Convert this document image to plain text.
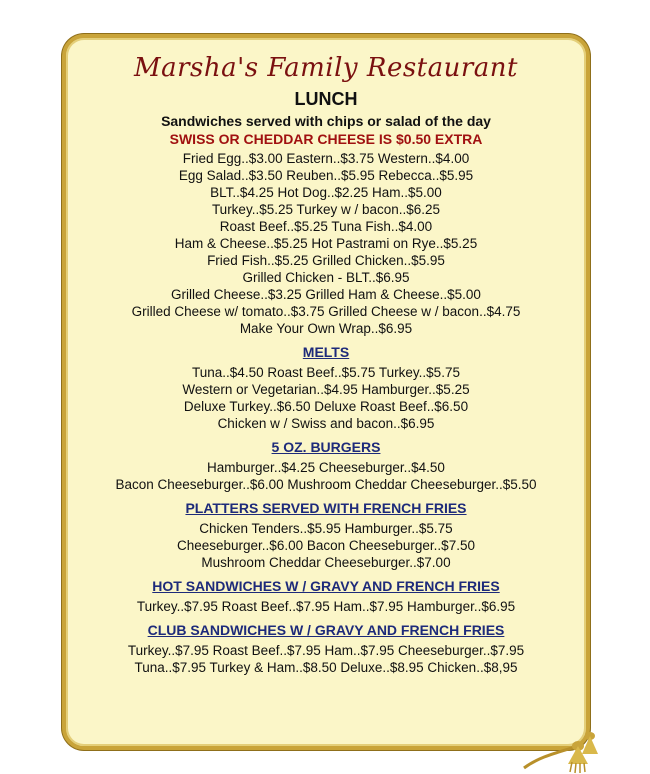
Marsha's Family Restaurant
LUNCH
Sandwiches served with chips or salad of the day
SWISS OR CHEDDAR CHEESE IS $0.50 EXTRA
Fried Egg..$3.00 Eastern..$3.75 Western..$4.00
Egg Salad..$3.50 Reuben..$5.95 Rebecca..$5.95
BLT..$4.25 Hot Dog..$2.25 Ham..$5.00
Turkey..$5.25 Turkey w / bacon..$6.25
Roast Beef..$5.25 Tuna Fish..$4.00
Ham & Cheese..$5.25 Hot Pastrami on Rye..$5.25
Fried Fish..$5.25 Grilled Chicken..$5.95
Grilled Chicken - BLT..$6.95
Grilled Cheese..$3.25 Grilled Ham & Cheese..$5.00
Grilled Cheese w/ tomato..$3.75 Grilled Cheese w / bacon..$4.75
Make Your Own Wrap..$6.95
MELTS
Tuna..$4.50 Roast Beef..$5.75 Turkey..$5.75
Western or Vegetarian..$4.95 Hamburger..$5.25
Deluxe Turkey..$6.50 Deluxe Roast Beef..$6.50
Chicken w / Swiss and bacon..$6.95
5 OZ. BURGERS
Hamburger..$4.25 Cheeseburger..$4.50
Bacon Cheeseburger..$6.00 Mushroom Cheddar Cheeseburger..$5.50
PLATTERS SERVED WITH FRENCH FRIES
Chicken Tenders..$5.95 Hamburger..$5.75
Cheeseburger..$6.00 Bacon Cheeseburger..$7.50
Mushroom Cheddar Cheeseburger..$7.00
HOT SANDWICHES W / GRAVY AND FRENCH FRIES
Turkey..$7.95 Roast Beef..$7.95 Ham..$7.95 Hamburger..$6.95
CLUB SANDWICHES W / GRAVY AND FRENCH FRIES
Turkey..$7.95 Roast Beef..$7.95 Ham..$7.95 Cheeseburger..$7.95
Tuna..$7.95 Turkey & Ham..$8.50 Deluxe..$8.95 Chicken..$8,95
